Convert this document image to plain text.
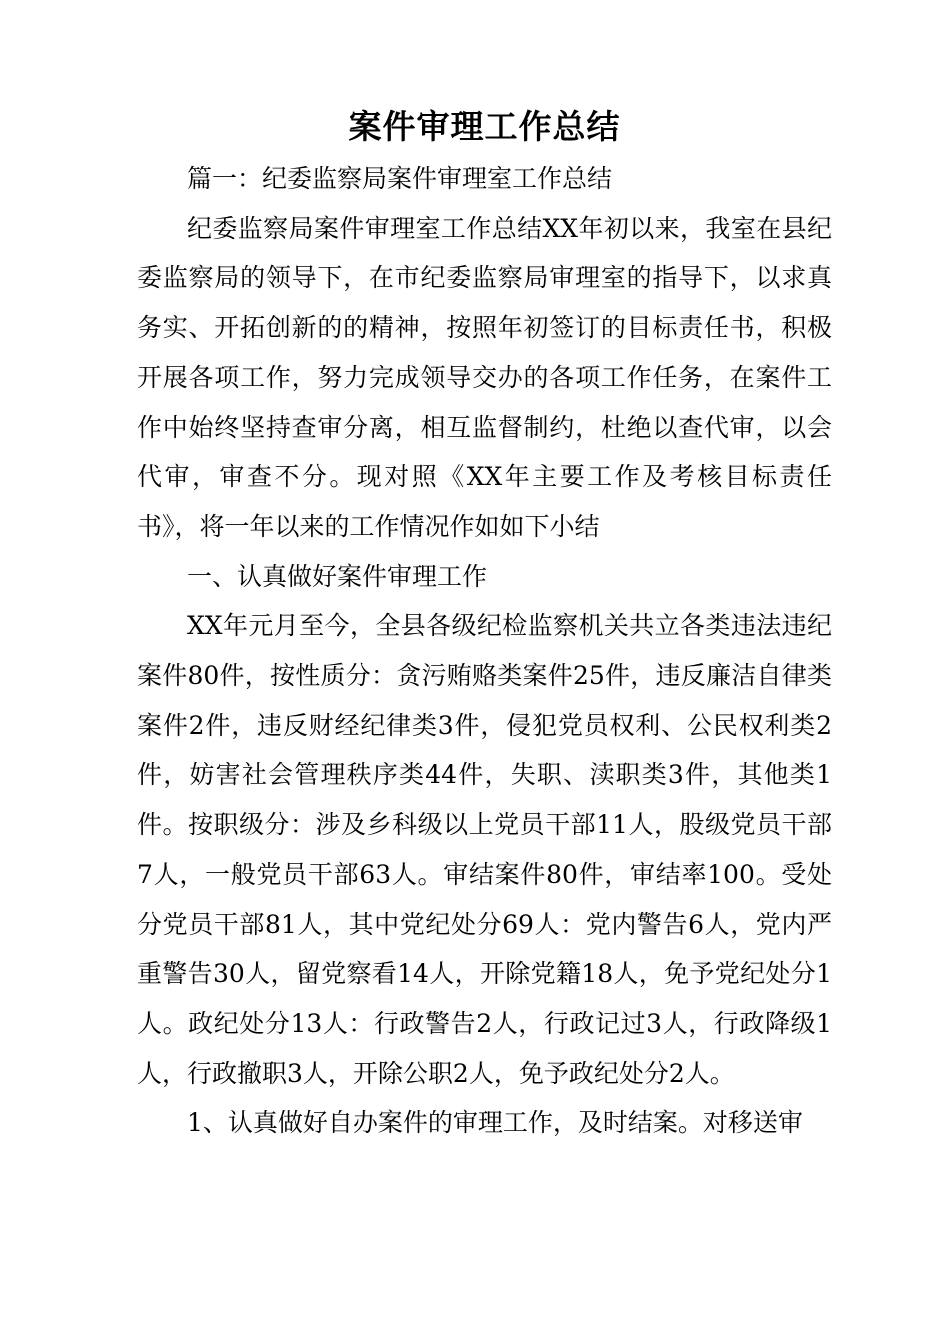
案件审理工作总结

篇一：纪委监察局案件审理室工作总结

纪委监察局案件审理室工作总结XX年初以来，我室在县纪委监察局的领导下，在市纪委监察局审理室的指导下，以求真务实、开拓创新的的精神，按照年初签订的目标责任书，积极开展各项工作，努力完成领导交办的各项工作任务，在案件工作中始终坚持查审分离，相互监督制约，杜绝以查代审，以会代审，审查不分。现对照《XX年主要工作及考核目标责任书》，将一年以来的工作情况作如如下小结

一、认真做好案件审理工作

XX年元月至今，全县各级纪检监察机关共立各类违法违纪案件80件，按性质分：贪污贿赂类案件25件，违反廉洁自律类案件2件，违反财经纪律类3件，侵犯党员权利、公民权利类2件，妨害社会管理秩序类44件，失职、渎职类3件，其他类1件。按职级分：涉及乡科级以上党员干部11人，股级党员干部7人，一般党员干部63人。审结案件80件，审结率100。受处分党员干部81人，其中党纪处分69人：党内警告6人，党内严重警告30人，留党察看14人，开除党籍18人，免予党纪处分1人。政纪处分13人：行政警告2人，行政记过3人，行政降级1人，行政撤职3人，开除公职2人，免予政纪处分2人。

1、认真做好自办案件的审理工作，及时结案。对移送审
